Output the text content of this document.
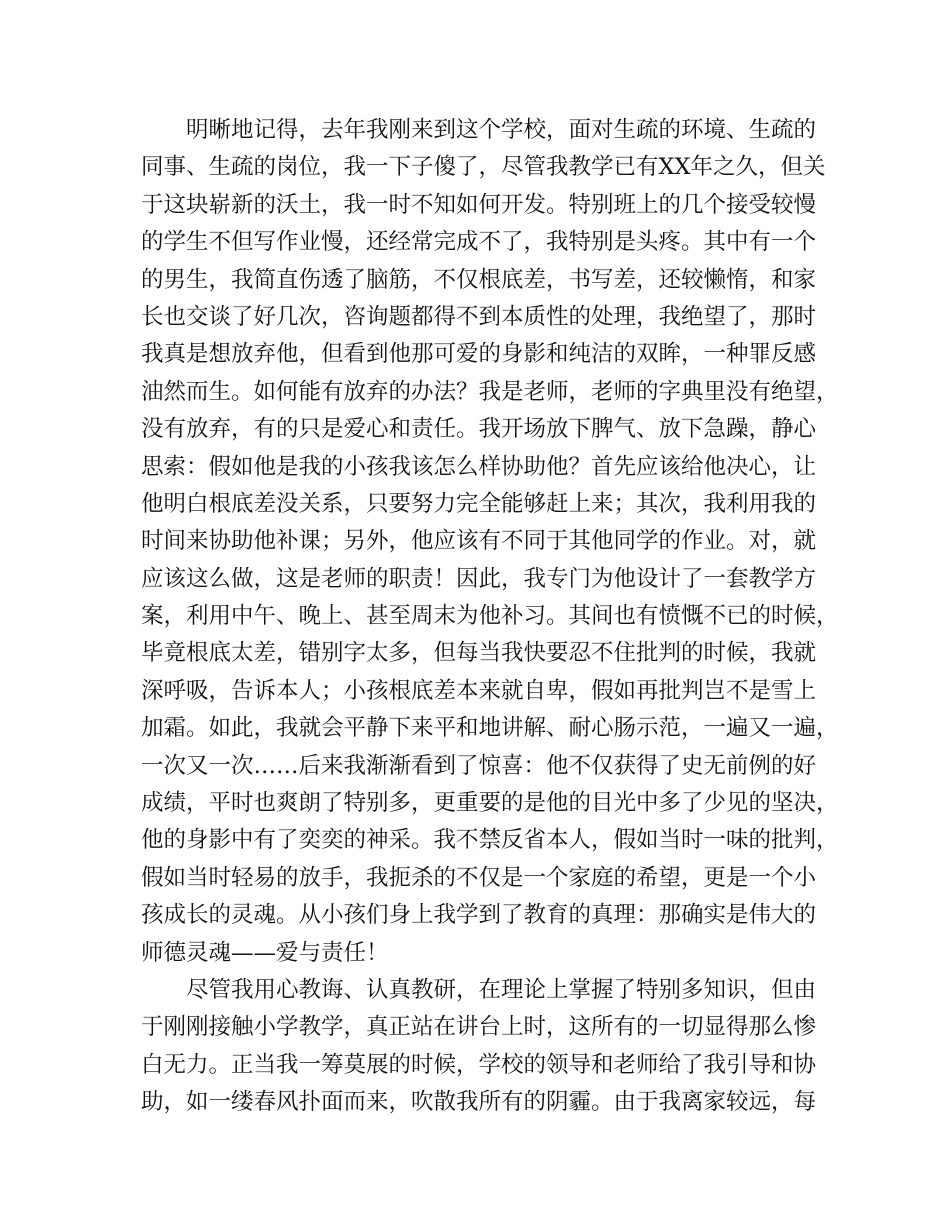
明晰地记得，去年我刚来到这个学校，面对生疏的环境、生疏的
同事、生疏的岗位，我一下子傻了，尽管我教学已有XX年之久，但关
于这块崭新的沃土，我一时不知如何开发。特别班上的几个接受较慢
的学生不但写作业慢，还经常完成不了，我特别是头疼。其中有一个
的男生，我简直伤透了脑筋，不仅根底差，书写差，还较懒惰，和家
长也交谈了好几次，咨询题都得不到本质性的处理，我绝望了，那时
我真是想放弃他，但看到他那可爱的身影和纯洁的双眸，一种罪反感
油然而生。如何能有放弃的办法？我是老师，老师的字典里没有绝望，
没有放弃，有的只是爱心和责任。我开场放下脾气、放下急躁，静心
思索：假如他是我的小孩我该怎么样协助他？首先应该给他决心，让
他明白根底差没关系，只要努力完全能够赶上来；其次，我利用我的
时间来协助他补课；另外，他应该有不同于其他同学的作业。对，就
应该这么做，这是老师的职责！因此，我专门为他设计了一套教学方
案，利用中午、晚上、甚至周末为他补习。其间也有愤慨不已的时候，
毕竟根底太差，错别字太多，但每当我快要忍不住批判的时候，我就
深呼吸，告诉本人；小孩根底差本来就自卑，假如再批判岂不是雪上
加霜。如此，我就会平静下来平和地讲解、耐心肠示范，一遍又一遍，
一次又一次……后来我渐渐看到了惊喜：他不仅获得了史无前例的好
成绩，平时也爽朗了特别多，更重要的是他的目光中多了少见的坚决，
他的身影中有了奕奕的神采。我不禁反省本人，假如当时一味的批判，
假如当时轻易的放手，我扼杀的不仅是一个家庭的希望，更是一个小
孩成长的灵魂。从小孩们身上我学到了教育的真理：那确实是伟大的
师德灵魂——爱与责任！
尽管我用心教诲、认真教研，在理论上掌握了特别多知识，但由
于刚刚接触小学教学，真正站在讲台上时，这所有的一切显得那么惨
白无力。正当我一筹莫展的时候，学校的领导和老师给了我引导和协
助，如一缕春风扑面而来，吹散我所有的阴霾。由于我离家较远，每
